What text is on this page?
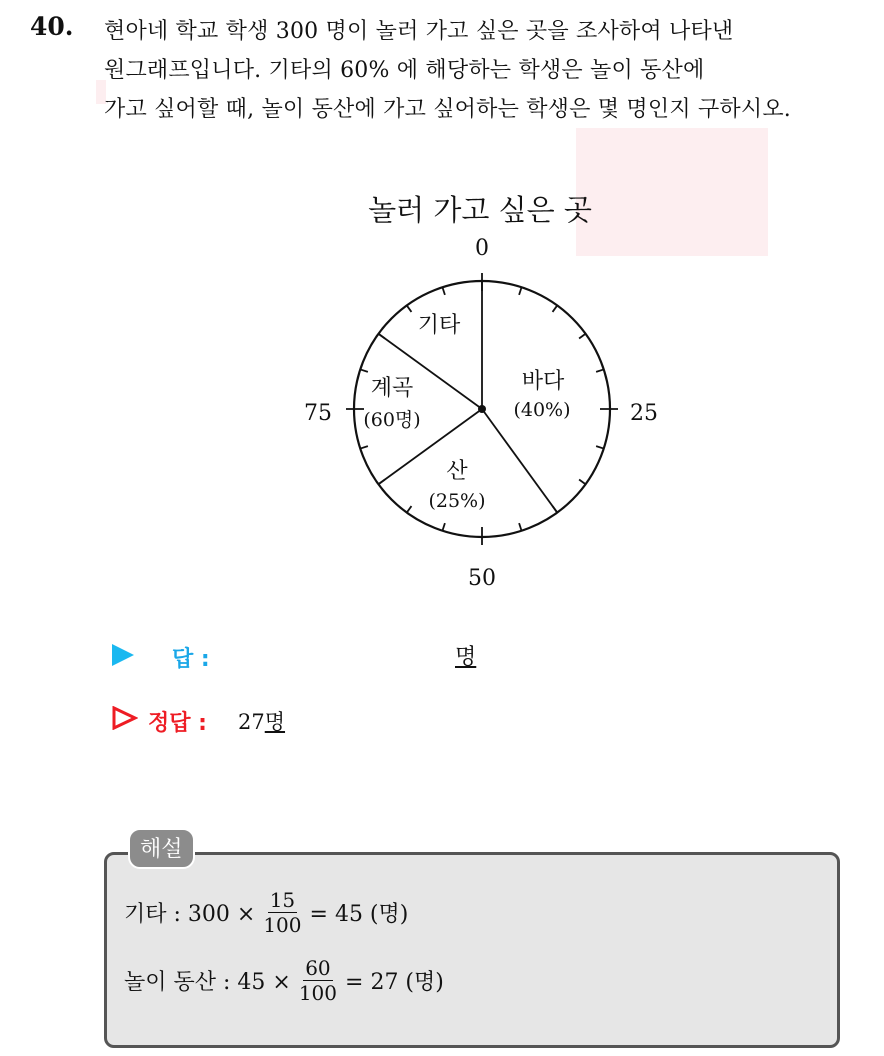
40. 현아네 학교 학생 300 명이 놀러 가고 싶은 곳을 조사하여 나타낸
원그래프입니다. 기타의 60% 에 해당하는 학생은 놀이 동산에
가고 싶어할 때, 놀이 동산에 가고 싶어하는 학생은 몇 명인지 구하시오.
놀러 가고 싶은 곳
0
25
50
75
바다
(40%)
산
(25%)
계곡
(60명)
기타
답 :	명
정답 : 27명
해설
기타 : $300 \times \frac{15}{100} = 45$ (명)
놀이 동산 : $45 \times \frac{60}{100} = 27$ (명)
